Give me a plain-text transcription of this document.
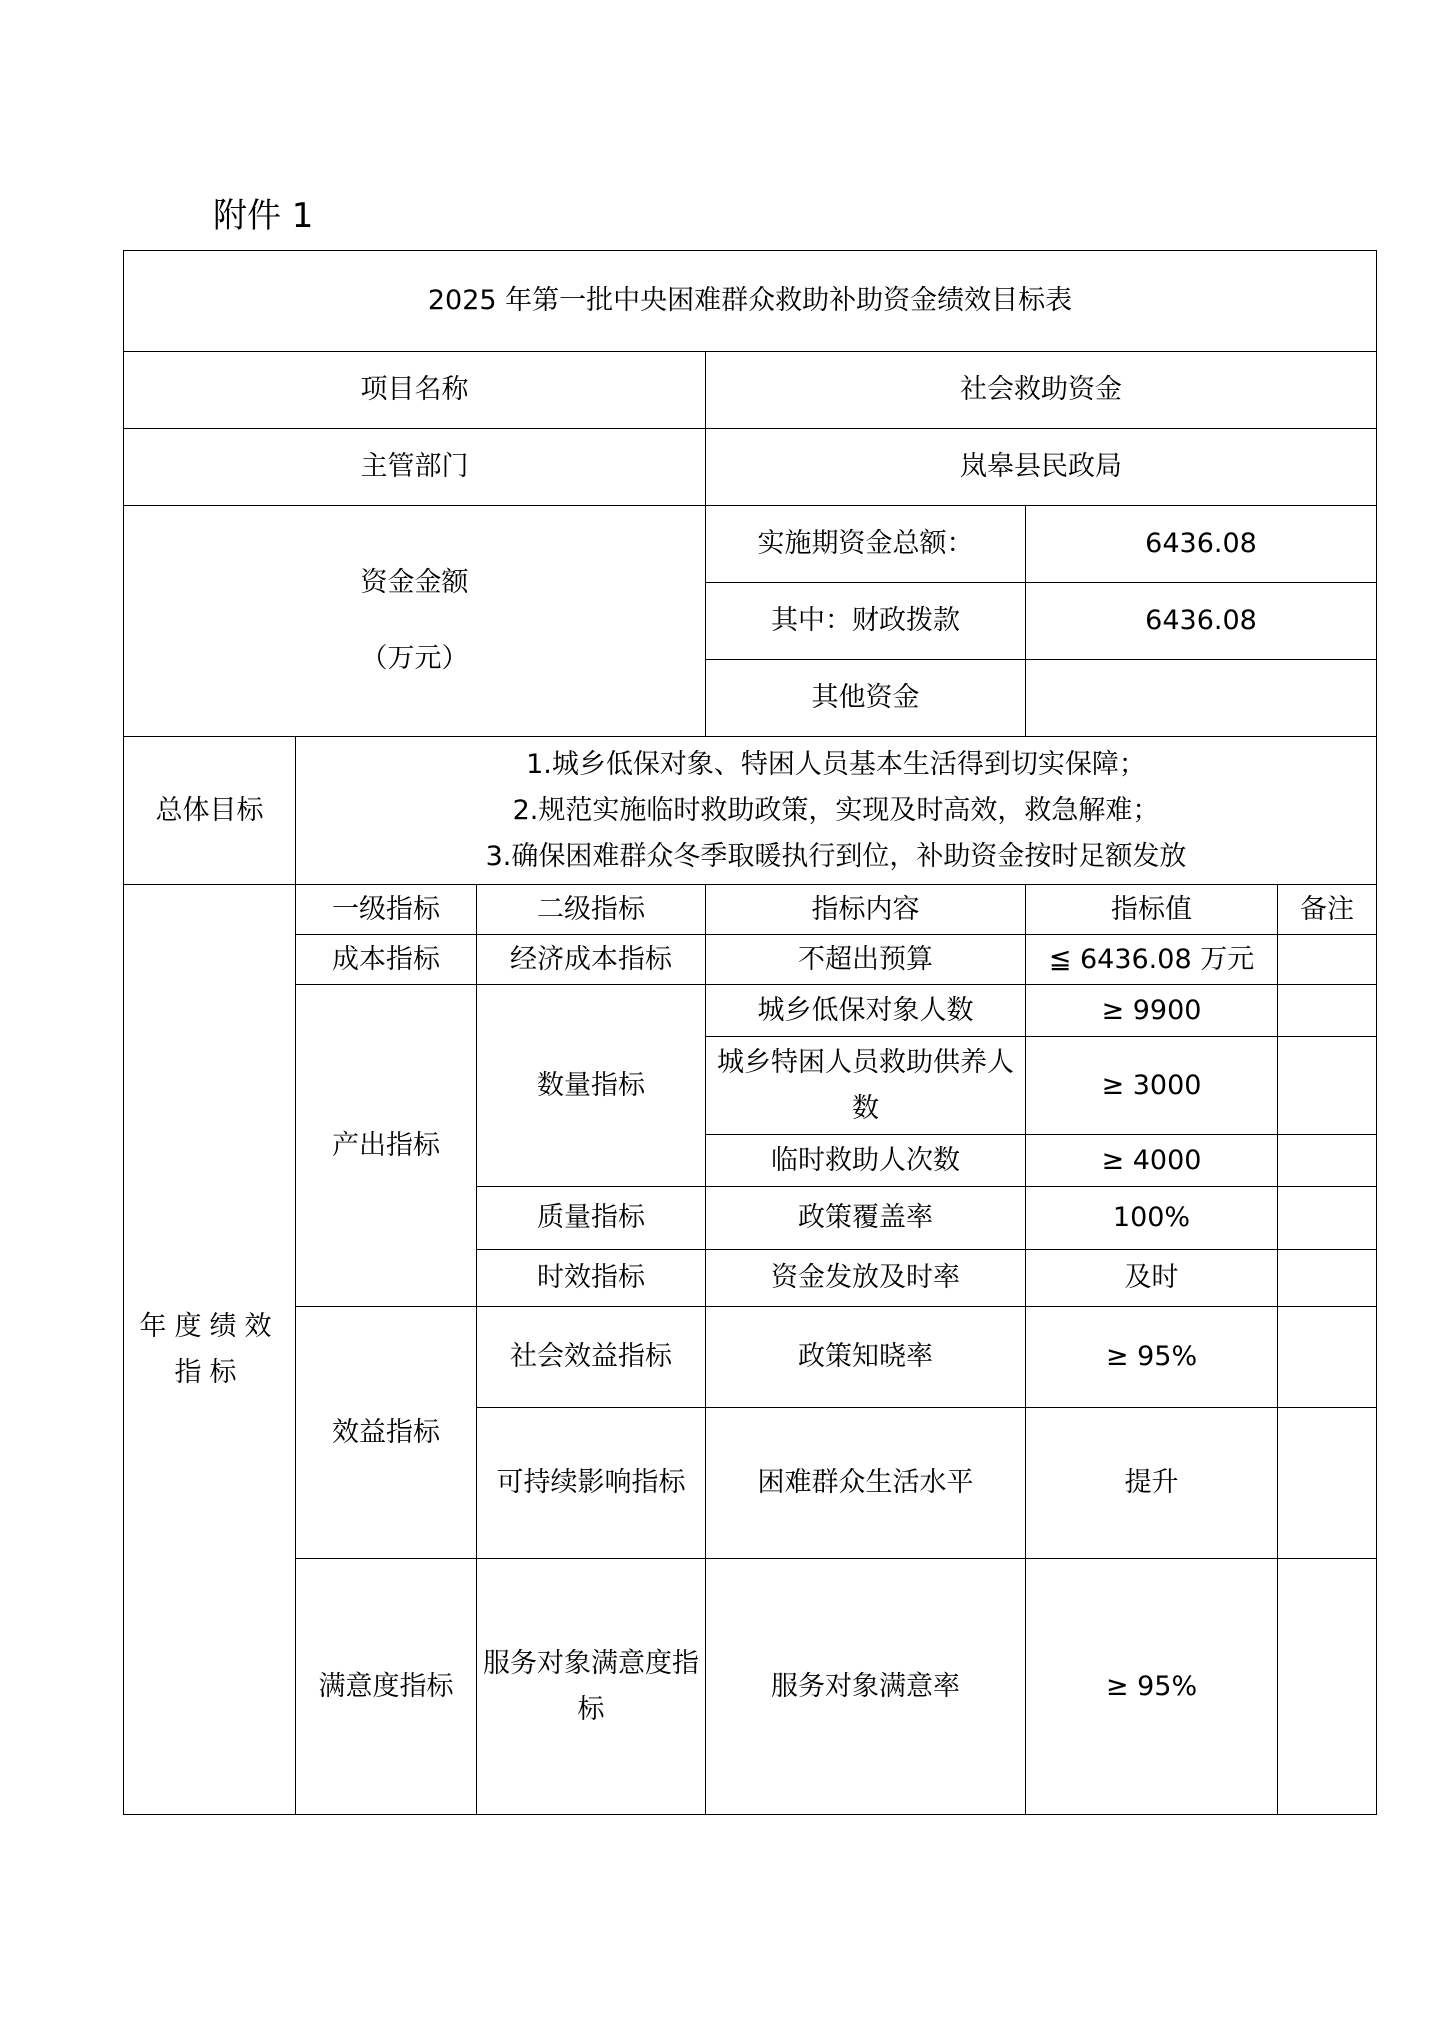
附件 1
2025 年第一批中央困难群众救助补助资金绩效目标表					
项目名称			社会救助资金		
主管部门			岚皋县民政局		

资金金额
（万元）			实施期资金总额：	6436.08	
			其中：财政拨款	6436.08	
			其他资金		
总体目标	1.城乡低保对象、特困人员基本生活得到切实保障；
2.规范实施临时救助政策，实现及时高效，救急解难；
3.确保困难群众冬季取暖执行到位，补助资金按时足额发放				

年度绩效指标	一级指标	二级指标	指标内容	指标值	备注
	成本指标	经济成本指标	不超出预算	≦ 6436.08 万元	
	产出指标	数量指标	城乡低保对象人数	≥ 9900	
			城乡特困人员救助供养人数	≥ 3000	
			临时救助人次数	≥ 4000	
		质量指标	政策覆盖率	100%	
		时效指标	资金发放及时率	及时	
	效益指标	社会效益指标	政策知晓率	≥ 95%	
		可持续影响指标	困难群众生活水平	提升	
	满意度指标	服务对象满意度指标	服务对象满意率	≥ 95%	
